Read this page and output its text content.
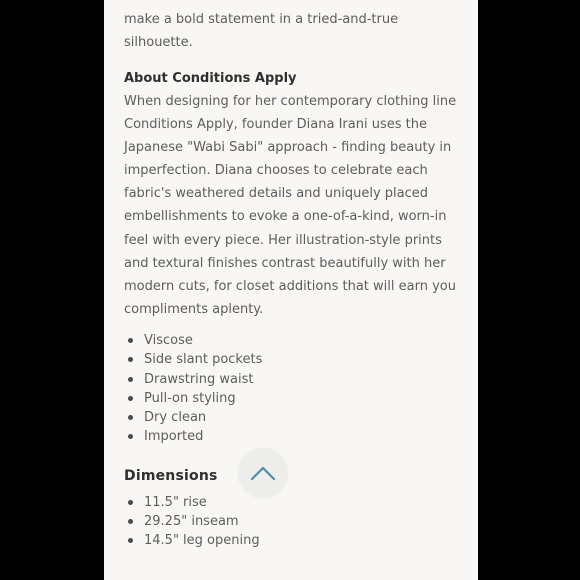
make a bold statement in a tried-and-true silhouette.

About Conditions Apply

When designing for her contemporary clothing line Conditions Apply, founder Diana Irani uses the Japanese "Wabi Sabi" approach - finding beauty in imperfection. Diana chooses to celebrate each fabric's weathered details and uniquely placed embellishments to evoke a one-of-a-kind, worn-in feel with every piece. Her illustration-style prints and textural finishes contrast beautifully with her modern cuts, for closet additions that will earn you compliments aplenty.

Viscose
Side slant pockets
Drawstring waist
Pull-on styling
Dry clean
Imported
Dimensions
11.5" rise
29.25" inseam
14.5" leg opening
